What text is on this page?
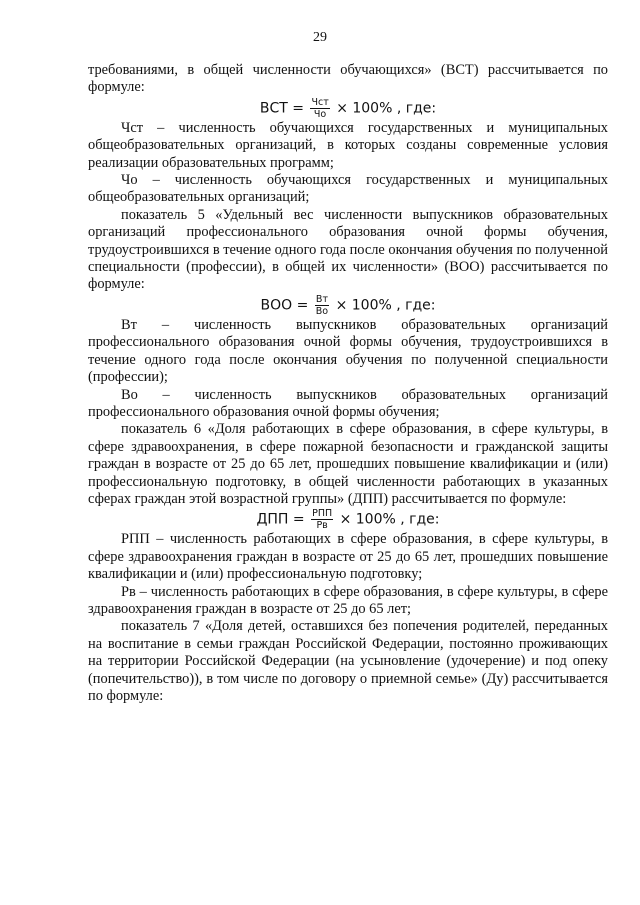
29

требованиями, в общей численности обучающихся» (ВСТ) рассчитывается по формуле:

ВСТ = $\frac{\text{Чст}}{Чо} \times 100\%$ , где:

Чст – численность обучающихся государственных и муниципальных общеобразовательных организаций, в которых созданы современные условия реализации образовательных программ;

Чо – численность обучающихся государственных и муниципальных общеобразовательных организаций;

показатель 5 «Удельный вес численности выпускников образовательных организаций профессионального образования очной формы обучения, трудоустроившихся в течение одного года после окончания обучения по полученной специальности (профессии), в общей их численности» (ВОО) рассчитывается по формуле:

ВОО = $\frac{Вт}{Во} \times 100\%$ , где:

Вт – численность выпускников образовательных организаций профессионального образования очной формы обучения, трудоустроившихся в течение одного года после окончания обучения по полученной специальности (профессии);

Во – численность выпускников образовательных организаций профессионального образования очной формы обучения;

показатель 6 «Доля работающих в сфере образования, в сфере культуры, в сфере здравоохранения, в сфере пожарной безопасности и гражданской защиты граждан в возрасте от 25 до 65 лет, прошедших повышение квалификации и (или) профессиональную подготовку, в общей численности работающих в указанных сферах граждан этой возрастной группы» (ДПП) рассчитывается по формуле:

ДПП = $\frac{\text{РПП}}{Рв} \times 100\%$ , где:

РПП – численность работающих в сфере образования, в сфере культуры, в сфере здравоохранения граждан в возрасте от 25 до 65 лет, прошедших повышение квалификации и (или) профессиональную подготовку;

Рв – численность работающих в сфере образования, в сфере культуры, в сфере здравоохранения граждан в возрасте от 25 до 65 лет;

показатель 7 «Доля детей, оставшихся без попечения родителей, переданных на воспитание в семьи граждан Российской Федерации, постоянно проживающих на территории Российской Федерации (на усыновление (удочерение) и под опеку (попечительство)), в том числе по договору о приемной семье» (Ду) рассчитывается по формуле:
